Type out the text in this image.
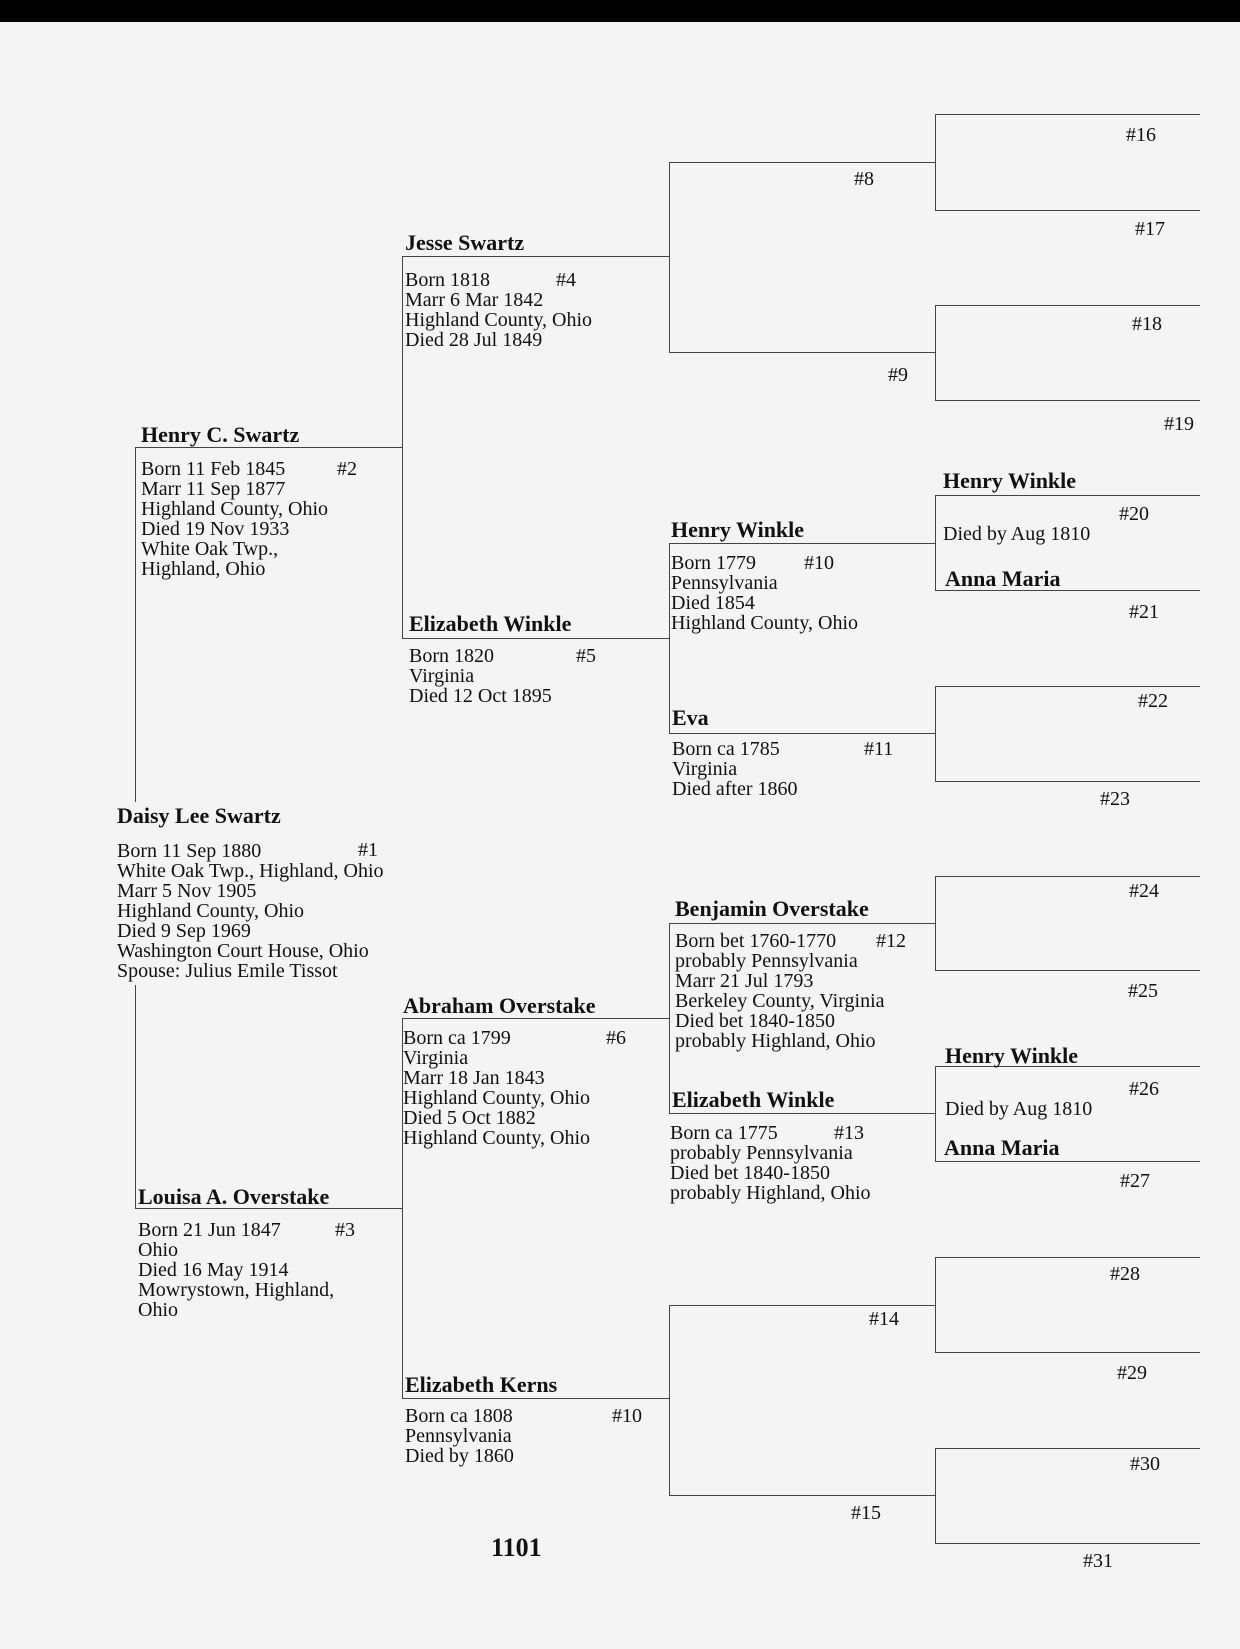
Daisy Lee Swartz
#1
Born 11 Sep 1880
White Oak Twp., Highland, Ohio
Marr 5 Nov 1905
Highland County, Ohio
Died 9 Sep 1969
Washington Court House, Ohio
Spouse: Julius Emile Tissot
Henry C. Swartz
#2
Born 11 Feb 1845
Marr 11 Sep 1877
Highland County, Ohio
Died 19 Nov 1933
White Oak Twp.,
Highland, Ohio
Louisa A. Overstake
#3
Born 21 Jun 1847
Ohio
Died 16 May 1914
Mowrystown, Highland,
Ohio
Jesse Swartz
#4
Born 1818
Marr 6 Mar 1842
Highland County, Ohio
Died 28 Jul 1849
Elizabeth Winkle
#5
Born 1820
Virginia
Died 12 Oct 1895
Abraham Overstake
#6
Born ca 1799
Virginia
Marr 18 Jan 1843
Highland County, Ohio
Died 5 Oct 1882
Highland County, Ohio
Elizabeth Kerns
#10
Born ca 1808
Pennsylvania
Died by 1860
#8
#9
Henry Winkle
#10
Born 1779
Pennsylvania
Died 1854
Highland County, Ohio
Eva
#11
Born ca 1785
Virginia
Died after 1860
Benjamin Overstake
#12
Born bet 1760-1770
probably Pennsylvania
Marr 21 Jul 1793
Berkeley County, Virginia
Died bet 1840-1850
probably Highland, Ohio
Elizabeth Winkle
#13
Born ca 1775
probably Pennsylvania
Died bet 1840-1850
probably Highland, Ohio
#14
#15
#16
#17
#18
#19
Henry Winkle
#20
Died by Aug 1810
Anna Maria
#21
#22
#23
#24
#25
Henry Winkle
#26
Died by Aug 1810
Anna Maria
#27
#28
#29
#30
#31
1101
